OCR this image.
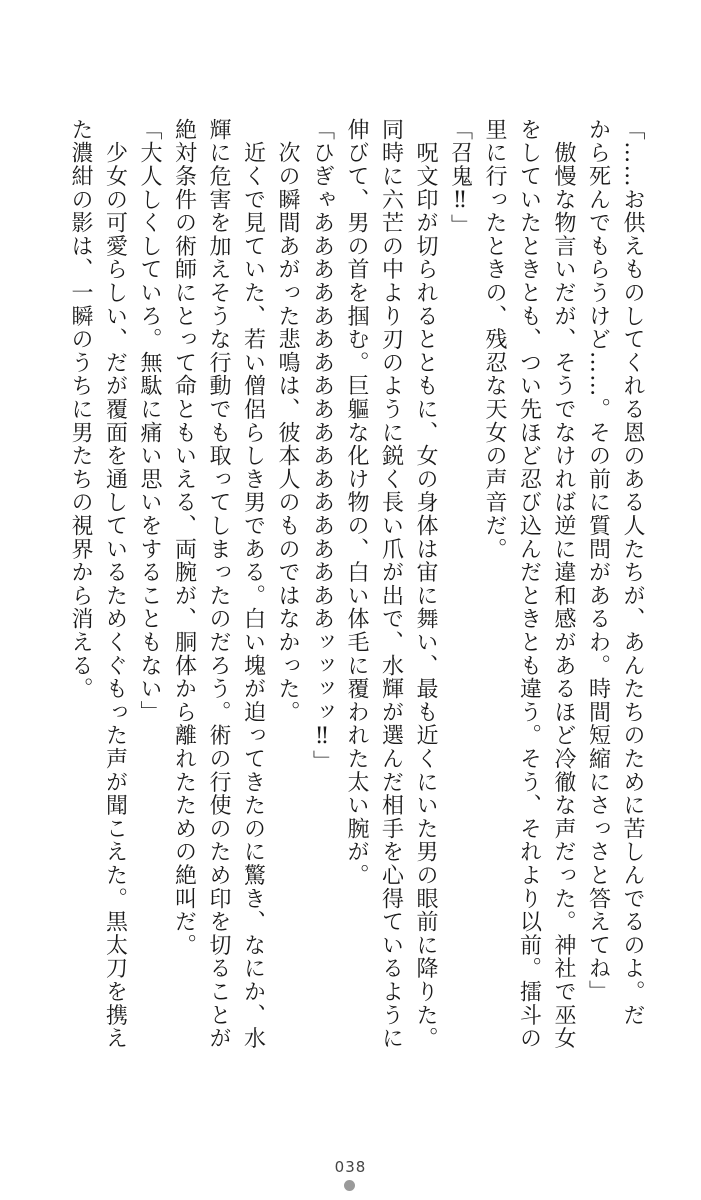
「……お供えものしてくれる恩のある人たちが、あんたちのために苦しんでるのよ。だ

から死んでもらうけど……。その前に質問があるわ。時間短縮にさっさと答えてね」

　傲慢な物言いだが、そうでなければ逆に違和感があるほど冷徹な声だった。神社で巫女

をしていたときとも、つい先ほど忍び込んだときとも違う。そう、それより以前。擂斗の

里に行ったときの、残忍な天女の声音だ。

「召鬼‼」

　呪文印が切られるとともに、女の身体は宙に舞い、最も近くにいた男の眼前に降りた。

同時に六芒の中より刃のように鋭く長い爪が出で、水輝が選んだ相手を心得ているように

伸びて、男の首を掴む。巨軀な化け物の、白い体毛に覆われた太い腕が。

「ひぎゃああああああああああああああああああッッッッ‼」

　次の瞬間あがった悲鳴は、彼本人のものではなかった。

　近くで見ていた、若い僧侶らしき男である。白い塊が迫ってきたのに驚き、なにか、水

輝に危害を加えそうな行動でも取ってしまったのだろう。術の行使のため印を切ることが

絶対条件の術師にとって命ともいえる、両腕が、胴体から離れたための絶叫だ。

「大人しくしていろ。無駄に痛い思いをすることもない」

　少女の可愛らしい、だが覆面を通しているためくぐもった声が聞こえた。黒太刀を携え

た濃紺の影は、一瞬のうちに男たちの視界から消える。

038
